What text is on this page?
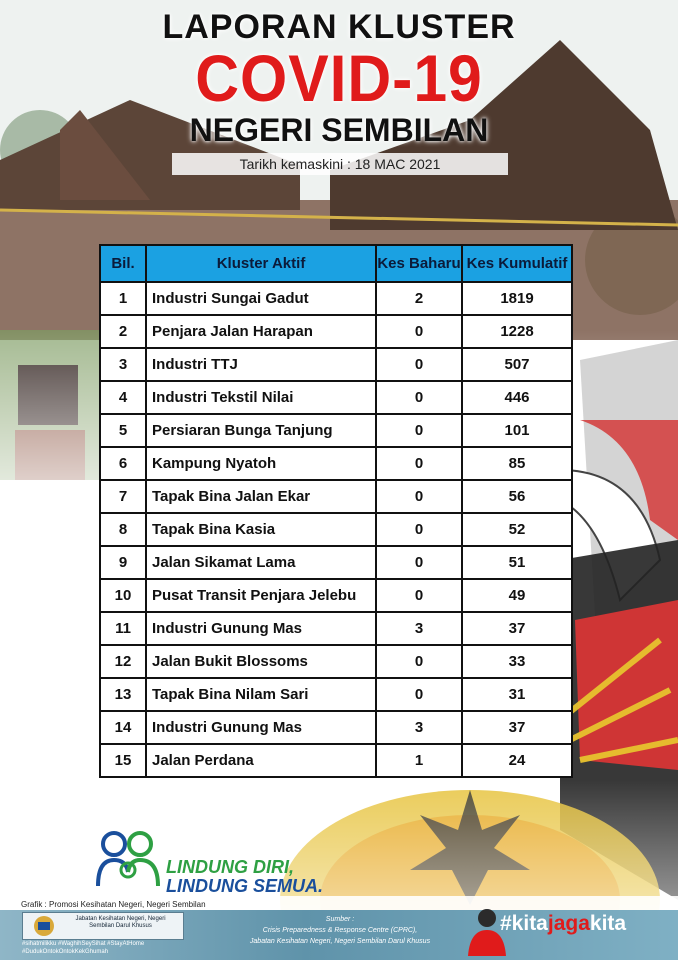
LAPORAN KLUSTER
COVID-19
NEGERI SEMBILAN
Tarikh kemaskini : 18 MAC 2021
Bil.	Kluster Aktif	Kes Baharu	Kes Kumulatif
1	Industri Sungai Gadut	2	1819
2	Penjara Jalan Harapan	0	1228
3	Industri TTJ	0	507
4	Industri Tekstil Nilai	0	446
5	Persiaran Bunga Tanjung	0	101
6	Kampung Nyatoh	0	85
7	Tapak Bina Jalan Ekar	0	56
8	Tapak Bina Kasia	0	52
9	Jalan Sikamat Lama	0	51
10	Pusat Transit Penjara Jelebu	0	49
11	Industri Gunung Mas	3	37
12	Jalan Bukit Blossoms	0	33
13	Tapak Bina Nilam Sari	0	31
14	Industri Gunung Mas	3	37
15	Jalan Perdana	1	24
LINDUNG DIRI,
LINDUNG SEMUA.
Grafik : Promosi Kesihatan Negeri, Negeri Sembilan
Jabatan Kesihatan Negeri, Negeri Sembilan Darul Khusus
#sihatmilikku #WaghihSeySihat #StayAtHome #DudukOntokOntokKekGhumah
Sumber :
Crisis Preparedness & Response Centre (CPRC),
Jabatan Kesihatan Negeri, Negeri Sembilan Darul Khusus
#kitajagakita
